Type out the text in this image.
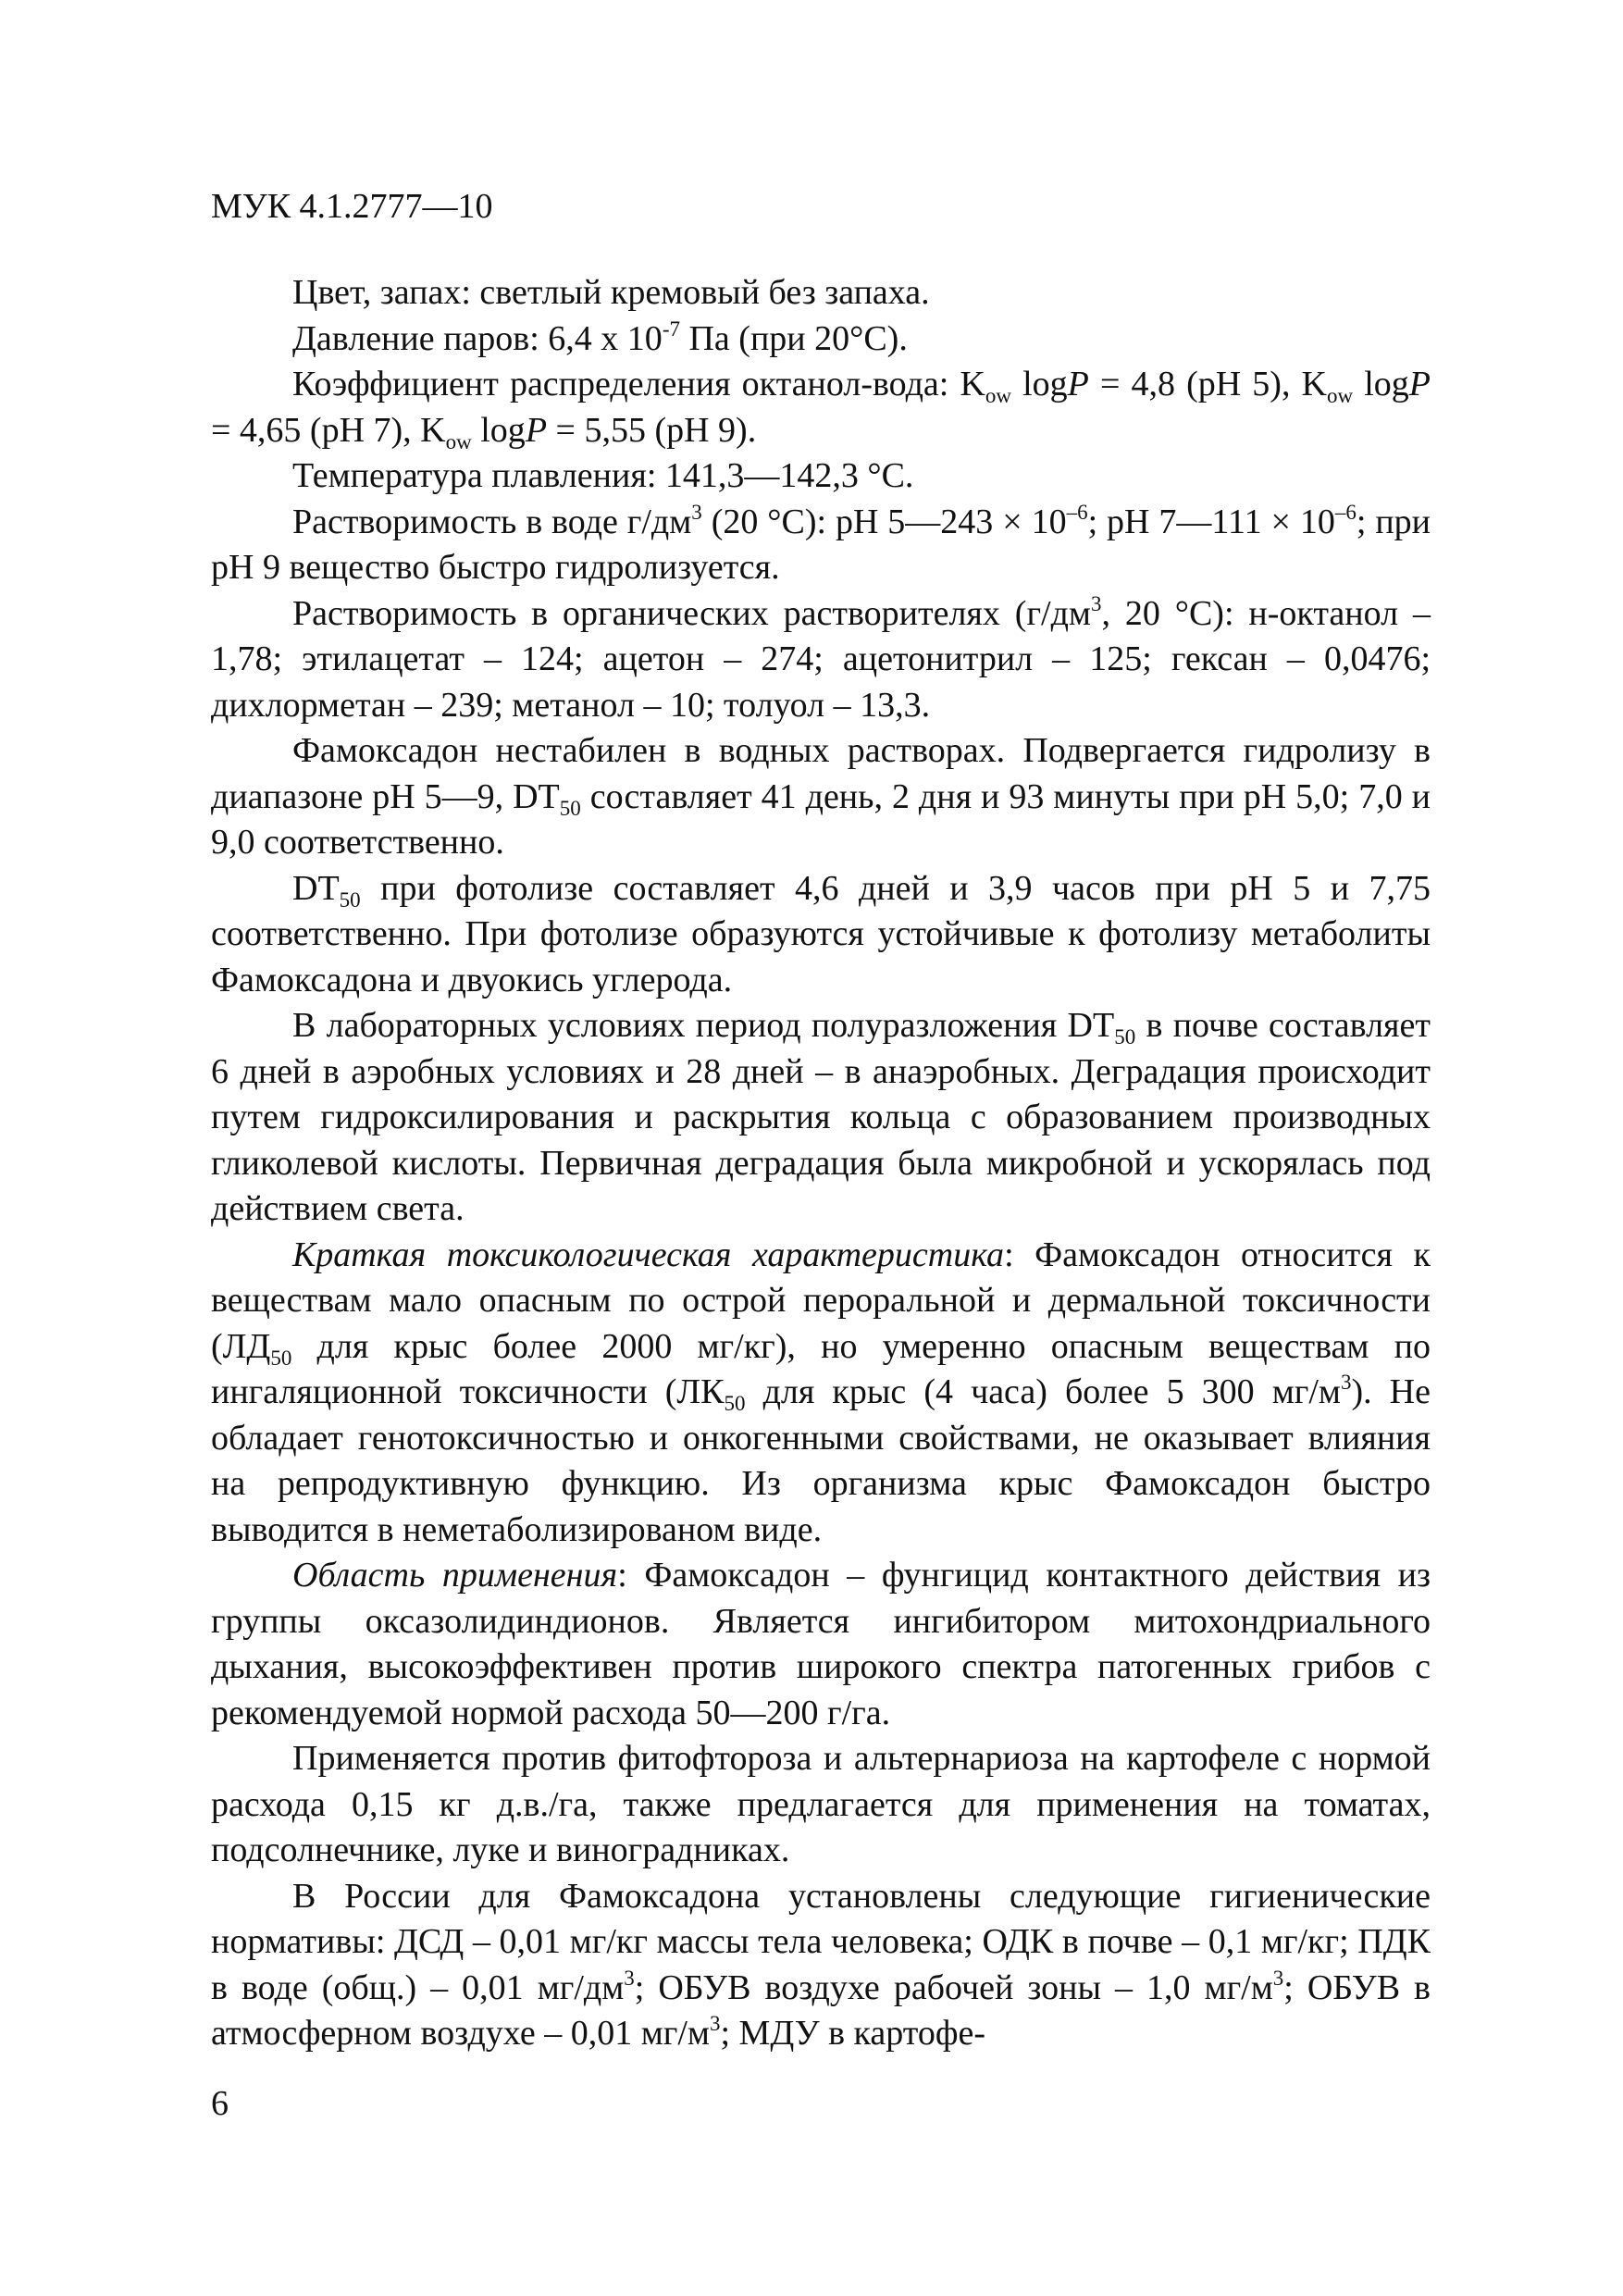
МУК 4.1.2777—10

Цвет, запах: светлый кремовый без запаха.

Давление паров: 6,4 х $10^{-7}$ Па (при 20°С).

Коэффициент распределения октанол-вода: $K_{ow}$ logP = 4,8 (pH 5), $K_{ow}$ logP = 4,65 (pH 7), $K_{ow}$ logP = 5,55 (pH 9).

Температура плавления: 141,3—142,3 °С.

Растворимость в воде $г/дм^3$ (20 °С): pH 5—243 × $10^{-6}$; pH 7—111 × $10^{-6}$; при pH 9 вещество быстро гидролизуется.

Растворимость в органических растворителях ($г/дм^3$, 20 °С): н-октанол – 1,78; этилацетат – 124; ацетон – 274; ацетонитрил – 125; гексан – 0,0476; дихлорметан – 239; метанол – 10; толуол – 13,3.

Фамоксадон нестабилен в водных растворах. Подвергается гидролизу в диапазоне pH 5—9, $DT_{50}$ составляет 41 день, 2 дня и 93 минуты при pH 5,0; 7,0 и 9,0 соответственно.

$DT_{50}$ при фотолизе составляет 4,6 дней и 3,9 часов при pH 5 и 7,75 соответственно. При фотолизе образуются устойчивые к фотолизу метаболиты Фамоксадона и двуокись углерода.

В лабораторных условиях период полуразложения $DT_{50}$ в почве составляет 6 дней в аэробных условиях и 28 дней – в анаэробных. Деградация происходит путем гидроксилирования и раскрытия кольца с образованием производных гликолевой кислоты. Первичная деградация была микробной и ускорялась под действием света.

Краткая токсикологическая характеристика: Фамоксадон относится к веществам мало опасным по острой пероральной и дермальной токсичности ($ЛД_{50}$ для крыс более 2000 мг/кг), но умеренно опасным веществам по ингаляционной токсичности ($ЛК_{50}$ для крыс (4 часа) более 5 300 $мг/м^3$). Не обладает генотоксичностью и онкогенными свойствами, не оказывает влияния на репродуктивную функцию. Из организма крыс Фамоксадон быстро выводится в неметаболизированом виде.

Область применения: Фамоксадон – фунгицид контактного действия из группы оксазолидиндионов. Является ингибитором митохондриального дыхания, высокоэффективен против широкого спектра патогенных грибов с рекомендуемой нормой расхода 50—200 г/га.

Применяется против фитофтороза и альтернариоза на картофеле с нормой расхода 0,15 кг д.в./га, также предлагается для применения на томатах, подсолнечнике, луке и виноградниках.

В России для Фамоксадона установлены следующие гигиенические нормативы: ДСД – 0,01 мг/кг массы тела человека; ОДК в почве – 0,1 мг/кг; ПДК в воде (общ.) – 0,01 $мг/дм^3$; ОБУВ воздухе рабочей зоны – 1,0 $мг/м^3$; ОБУВ в атмосферном воздухе – 0,01 $мг/м^3$; МДУ в картофе-

6
